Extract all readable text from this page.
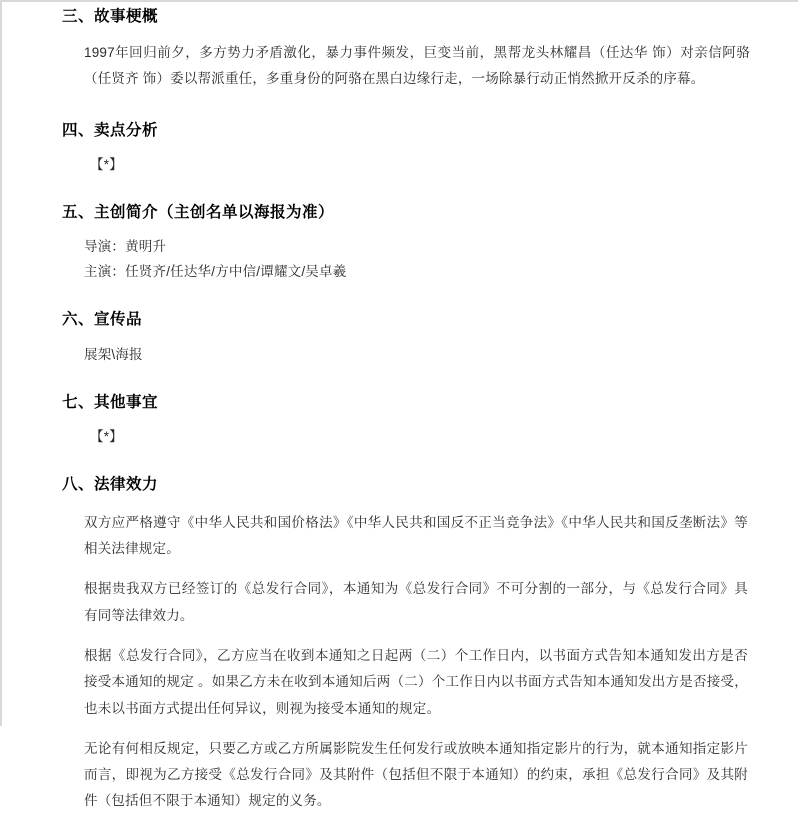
三、故事梗概

1997年回归前夕，多方势力矛盾激化，暴力事件频发，巨变当前，黑帮龙头林耀昌（任达华 饰）对亲信阿骆（任贤齐 饰）委以帮派重任，多重身份的阿骆在黑白边缘行走，一场除暴行动正悄然掀开反杀的序幕。

四、卖点分析

【*】

五、主创简介（主创名单以海报为准）

导演：黄明升

主演：任贤齐/任达华/方中信/谭耀文/吴卓羲

六、宣传品

展架\海报

七、其他事宜

【*】

八、法律效力

双方应严格遵守《中华人民共和国价格法》《中华人民共和国反不正当竞争法》《中华人民共和国反垄断法》等相关法律规定。

根据贵我双方已经签订的《总发行合同》，本通知为《总发行合同》不可分割的一部分，与《总发行合同》具有同等法律效力。

根据《总发行合同》，乙方应当在收到本通知之日起两（二）个工作日内，以书面方式告知本通知发出方是否接受本通知的规定 。如果乙方未在收到本通知后两（二）个工作日内以书面方式告知本通知发出方是否接受，也未以书面方式提出任何异议，则视为接受本通知的规定。

无论有何相反规定，只要乙方或乙方所属影院发生任何发行或放映本通知指定影片的行为，就本通知指定影片而言，即视为乙方接受《总发行合同》及其附件（包括但不限于本通知）的约束，承担《总发行合同》及其附件（包括但不限于本通知）规定的义务。
